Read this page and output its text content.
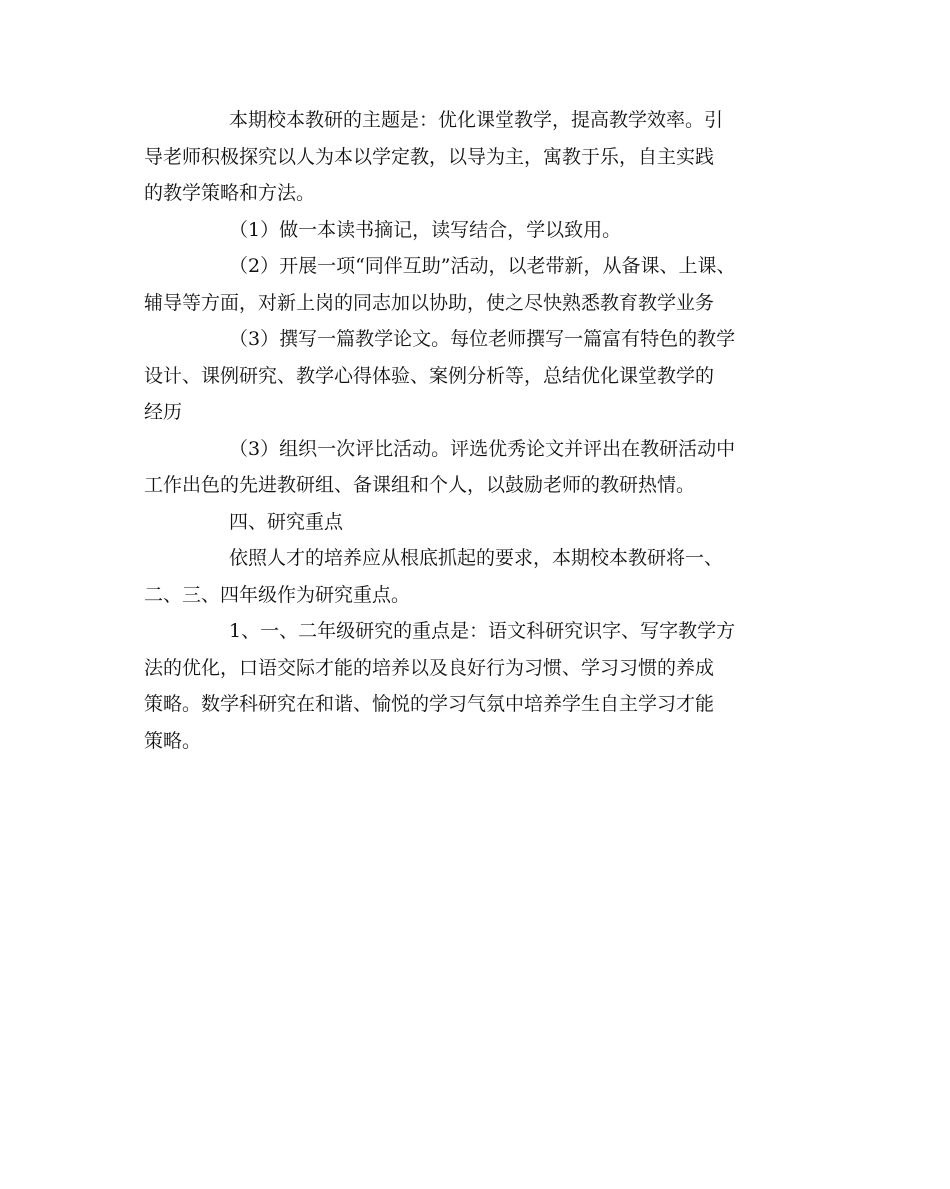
本期校本教研的主题是：优化课堂教学，提高教学效率。引

导老师积极探究以人为本以学定教，以导为主，寓教于乐，自主实践

的教学策略和方法。

（1）做一本读书摘记，读写结合，学以致用。

（2）开展一项“同伴互助”活动，以老带新，从备课、上课、

辅导等方面，对新上岗的同志加以协助，使之尽快熟悉教育教学业务

（3）撰写一篇教学论文。每位老师撰写一篇富有特色的教学

设计、课例研究、教学心得体验、案例分析等，总结优化课堂教学的

经历

（3）组织一次评比活动。评选优秀论文并评出在教研活动中

工作出色的先进教研组、备课组和个人，以鼓励老师的教研热情。

四、研究重点

依照人才的培养应从根底抓起的要求，本期校本教研将一、

二、三、四年级作为研究重点。

1、一、二年级研究的重点是：语文科研究识字、写字教学方

法的优化，口语交际才能的培养以及良好行为习惯、学习习惯的养成

策略。数学科研究在和谐、愉悦的学习气氛中培养学生自主学习才能

策略。
